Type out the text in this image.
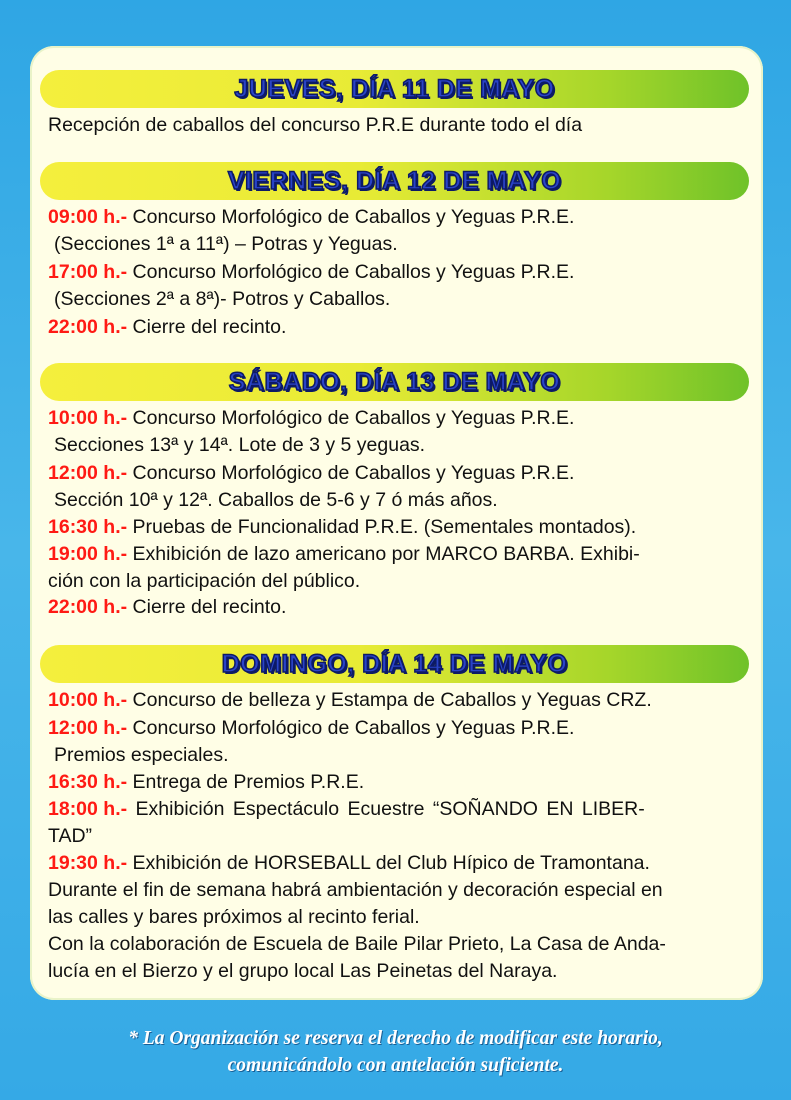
JUEVES, DÍA 11 DE MAYO
Recepción de caballos del concurso P.R.E durante todo el día
VIERNES, DÍA 12 DE MAYO
09:00 h.- Concurso Morfológico de Caballos y Yeguas P.R.E.
(Secciones 1ª a 11ª) – Potras y Yeguas.
17:00 h.- Concurso Morfológico de Caballos y Yeguas P.R.E.
(Secciones 2ª a 8ª)- Potros y Caballos.
22:00 h.- Cierre del recinto.
SÁBADO, DÍA 13 DE MAYO
10:00 h.- Concurso Morfológico de Caballos y Yeguas P.R.E.
Secciones 13ª y 14ª. Lote de 3 y 5 yeguas.
12:00 h.- Concurso Morfológico de Caballos y Yeguas P.R.E.
Sección 10ª y 12ª. Caballos de 5-6 y 7 ó más años.
16:30 h.- Pruebas de Funcionalidad P.R.E. (Sementales montados).
19:00 h.- Exhibición de lazo americano por MARCO BARBA. Exhibi-
ción con la participación del público.
22:00 h.- Cierre del recinto.
DOMINGO, DÍA 14 DE MAYO
10:00 h.- Concurso de belleza y Estampa de Caballos y Yeguas CRZ.
12:00 h.- Concurso Morfológico de Caballos y Yeguas P.R.E.
Premios especiales.
16:30 h.- Entrega de Premios P.R.E.
18:00 h.- Exhibición Espectáculo Ecuestre “SOÑANDO EN LIBER-
TAD”
19:30 h.- Exhibición de HORSEBALL del Club Hípico de Tramontana.
Durante el fin de semana habrá ambientación y decoración especial en
las calles y bares próximos al recinto ferial.
Con la colaboración de Escuela de Baile Pilar Prieto, La Casa de Anda-
lucía en el Bierzo y el grupo local Las Peinetas del Naraya.
* La Organización se reserva el derecho de modificar este horario,
comunicándolo con antelación suficiente.
